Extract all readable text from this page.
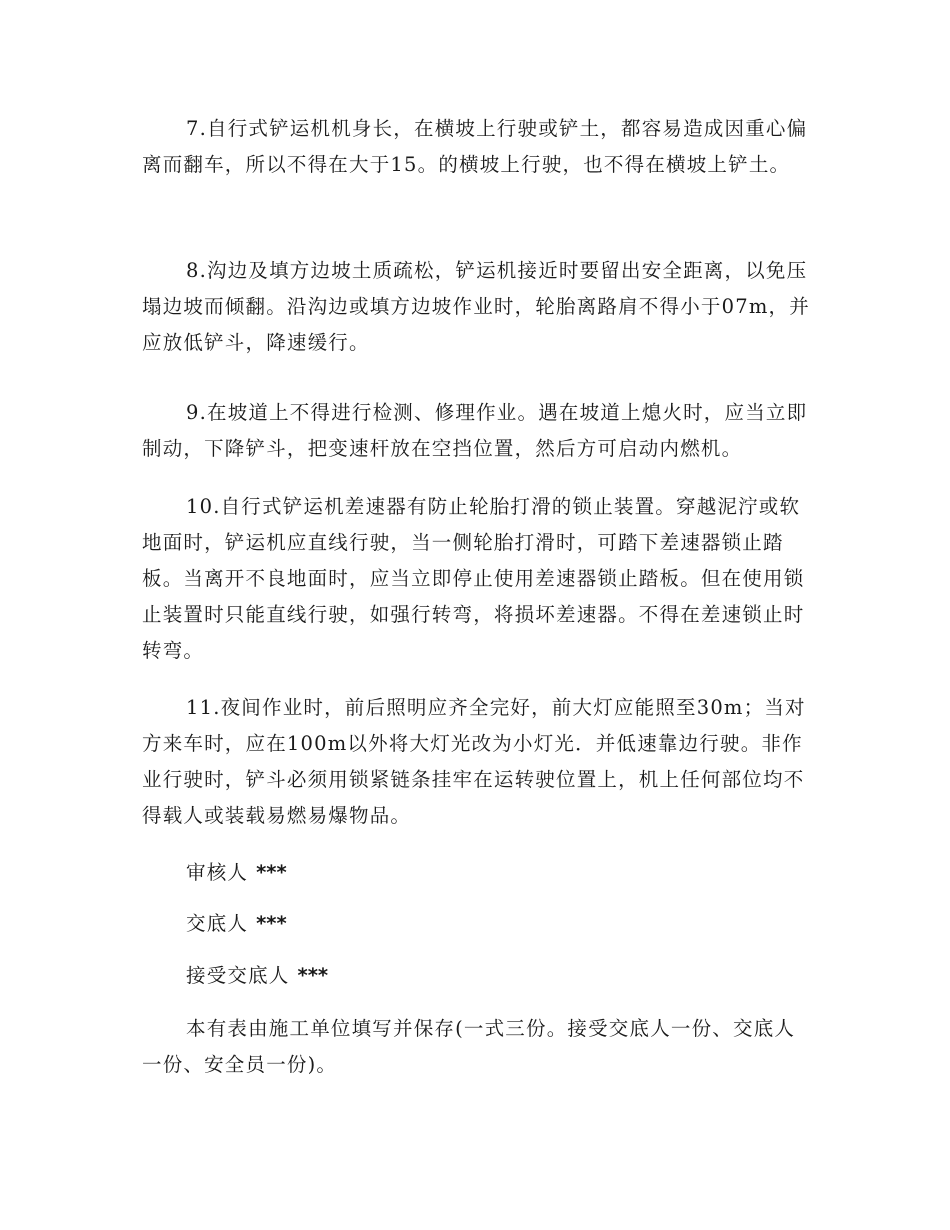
7.自行式铲运机机身长，在横坡上行驶或铲土，都容易造成因重心偏离而翻车，所以不得在大于15。的横坡上行驶，也不得在横坡上铲土。

8.沟边及填方边坡土质疏松，铲运机接近时要留出安全距离，以免压塌边坡而倾翻。沿沟边或填方边坡作业时，轮胎离路肩不得小于07m，并应放低铲斗，降速缓行。

9.在坡道上不得进行检测、修理作业。遇在坡道上熄火时，应当立即制动，下降铲斗，把变速杆放在空挡位置，然后方可启动内燃机。

10.自行式铲运机差速器有防止轮胎打滑的锁止装置。穿越泥泞或软地面时，铲运机应直线行驶，当一侧轮胎打滑时，可踏下差速器锁止踏板。当离开不良地面时，应当立即停止使用差速器锁止踏板。但在使用锁止装置时只能直线行驶，如强行转弯，将损坏差速器。不得在差速锁止时转弯。

11.夜间作业时，前后照明应齐全完好，前大灯应能照至30m；当对方来车时，应在100m以外将大灯光改为小灯光．并低速靠边行驶。非作业行驶时，铲斗必须用锁紧链条挂牢在运转驶位置上，机上任何部位均不得载人或装载易燃易爆物品。

审核人 ***

交底人 ***

接受交底人 ***

本有表由施工单位填写并保存(一式三份。接受交底人一份、交底人一份、安全员一份)。
